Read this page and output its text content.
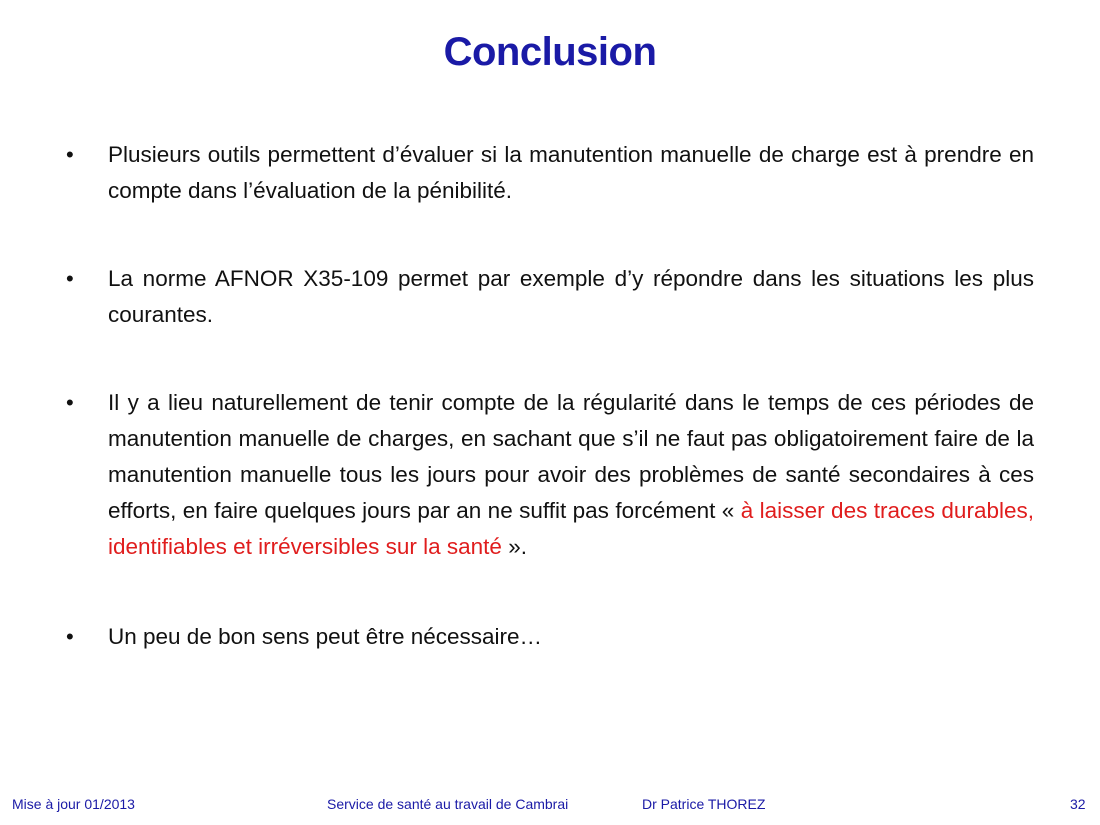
Conclusion
•	Plusieurs outils permettent d’évaluer si la manutention manuelle de charge est à prendre en compte dans l’évaluation de la pénibilité.
•	La norme AFNOR X35-109 permet par exemple d’y répondre dans les situations les plus courantes.
•	Il y a lieu naturellement de tenir compte de la régularité dans le temps de ces périodes de manutention manuelle de charges, en sachant que s’il ne faut pas obligatoirement faire de la manutention manuelle tous les jours pour avoir des problèmes de santé secondaires à ces efforts, en faire quelques jours par an ne suffit pas forcément « à laisser des traces durables, identifiables et irréversibles sur la santé ».
•	Un peu de bon sens peut être nécessaire…
Mise à jour 01/2013	Service de santé au travail de Cambrai	Dr Patrice THOREZ	32
